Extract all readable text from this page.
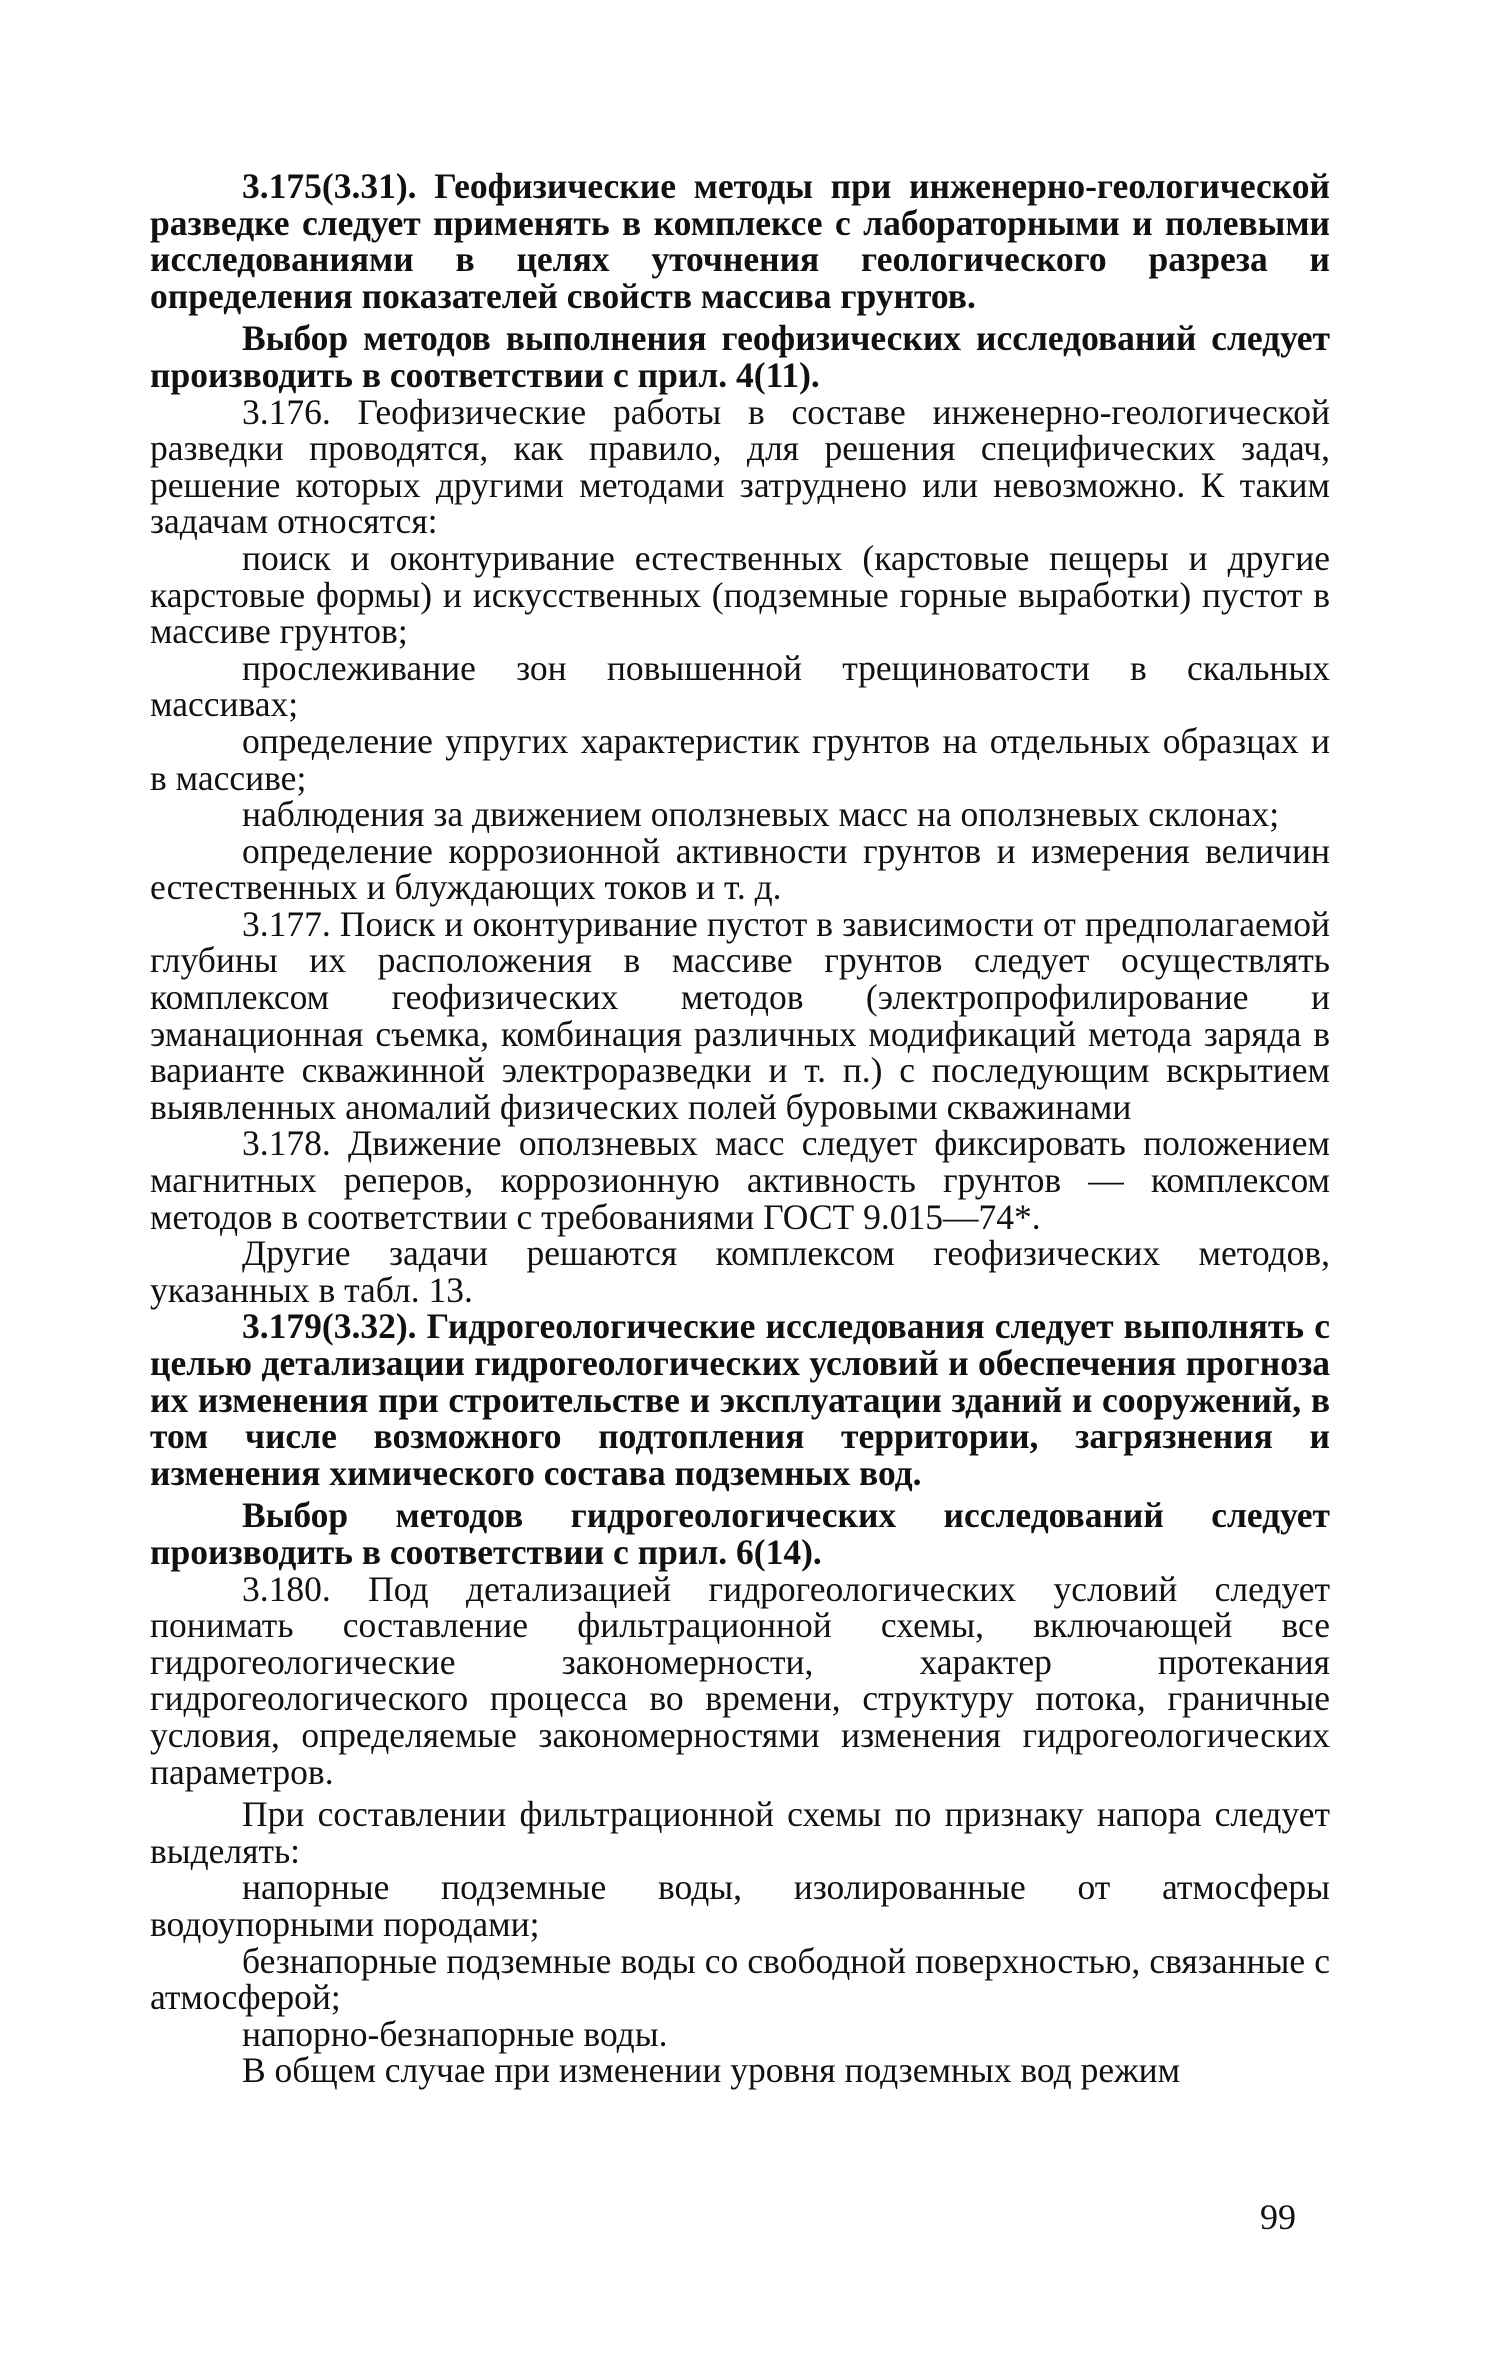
3.175(3.31). Геофизические методы при инженерно-геологической разведке следует применять в комплексе с лабораторными и полевыми исследованиями в целях уточнения геологического разреза и определения показателей свойств массива грунтов.

Выбор методов выполнения геофизических исследований следует производить в соответствии с прил. 4(11).

3.176. Геофизические работы в составе инженерно-геологической разведки проводятся, как правило, для решения специфических задач, решение которых другими методами затруднено или невозможно. К таким задачам относятся:

поиск и оконтуривание естественных (карстовые пещеры и другие карстовые формы) и искусственных (подземные горные выработки) пустот в массиве грунтов;

прослеживание зон повышенной трещиноватости в скальных массивах;

определение упругих характеристик грунтов на отдельных образцах и в массиве;

наблюдения за движением оползневых масс на оползневых склонах;

определение коррозионной активности грунтов и измерения величин естественных и блуждающих токов и т. д.

3.177. Поиск и оконтуривание пустот в зависимости от предполагаемой глубины их расположения в массиве грунтов следует осуществлять комплексом геофизических методов (электропрофилирование и эманационная съемка, комбинация различных модификаций метода заряда в варианте скважинной электроразведки и т. п.) с последующим вскрытием выявленных аномалий физических полей буровыми скважинами

3.178. Движение оползневых масс следует фиксировать положением магнитных реперов, коррозионную активность грунтов — комплексом методов в соответствии с требованиями ГОСТ 9.015—74*.

Другие задачи решаются комплексом геофизических методов, указанных в табл. 13.

3.179(3.32). Гидрогеологические исследования следует выполнять с целью детализации гидрогеологических условий и обеспечения прогноза их изменения при строительстве и эксплуатации зданий и сооружений, в том числе возможного подтопления территории, загрязнения и изменения химического состава подземных вод.

Выбор методов гидрогеологических исследований следует производить в соответствии с прил. 6(14).

3.180. Под детализацией гидрогеологических условий следует понимать составление фильтрационной схемы, включающей все гидрогеологические закономерности, характер протекания гидрогеологического процесса во времени, структуру потока, граничные условия, определяемые закономерностями изменения гидрогеологических параметров.

При составлении фильтрационной схемы по признаку напора следует выделять:

напорные подземные воды, изолированные от атмосферы водоупорными породами;

безнапорные подземные воды со свободной поверхностью, связанные с атмосферой;

напорно-безнапорные воды.

В общем случае при изменении уровня подземных вод режим

99
